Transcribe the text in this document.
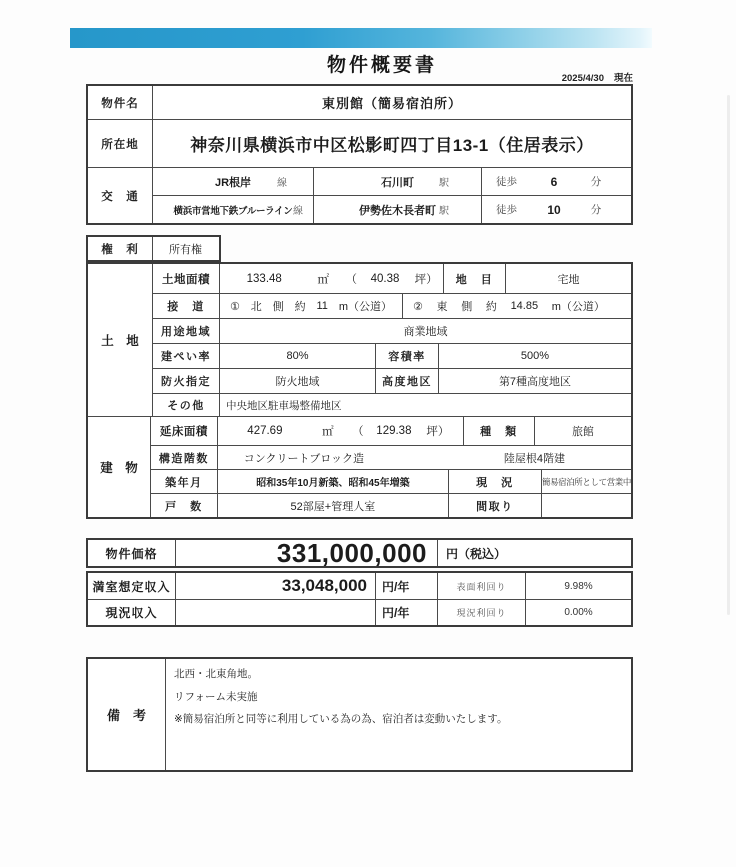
物件概要書
2025/4/30 現在
物件名	東別館（簡易宿泊所）
所在地	神奈川県横浜市中区松影町四丁目13-1（住居表示）
交　通
JR根岸	線	石川町	駅	徒歩	6	分
横浜市営地下鉄ブルーライン 線	伊勢佐木長者町 駅	徒歩	10	分
権　利	所有権
土　地
土地面積	133.48	㎡	（	40.38	坪）	地　目	宅地
接　道	① 北 側 約 11 m（公道） ② 東 側 約 14.85 m（公道）
用途地域	商業地域
建ぺい率	80%	容積率	500%
防火指定	防火地域	高度地区	第7種高度地区
その他	中央地区駐車場整備地区
建　物
延床面積	427.69	㎡	（	129.38	坪）	種　類	旅館
構造階数	コンクリートブロック造	陸屋根4階建
築年月	昭和35年10月新築、昭和45年増築	現　況	簡易宿泊所として営業中
戸　数	52部屋+管理人室	間取り
物件価格	331,000,000	円（税込）
満室想定収入	33,048,000	円/年	表面利回り	9.98%
現況収入	円/年	現況利回り	0.00%
備　考
北西・北東角地。
リフォーム未実施
※簡易宿泊所と同等に利用している為の為、宿泊者は変動いたします。
